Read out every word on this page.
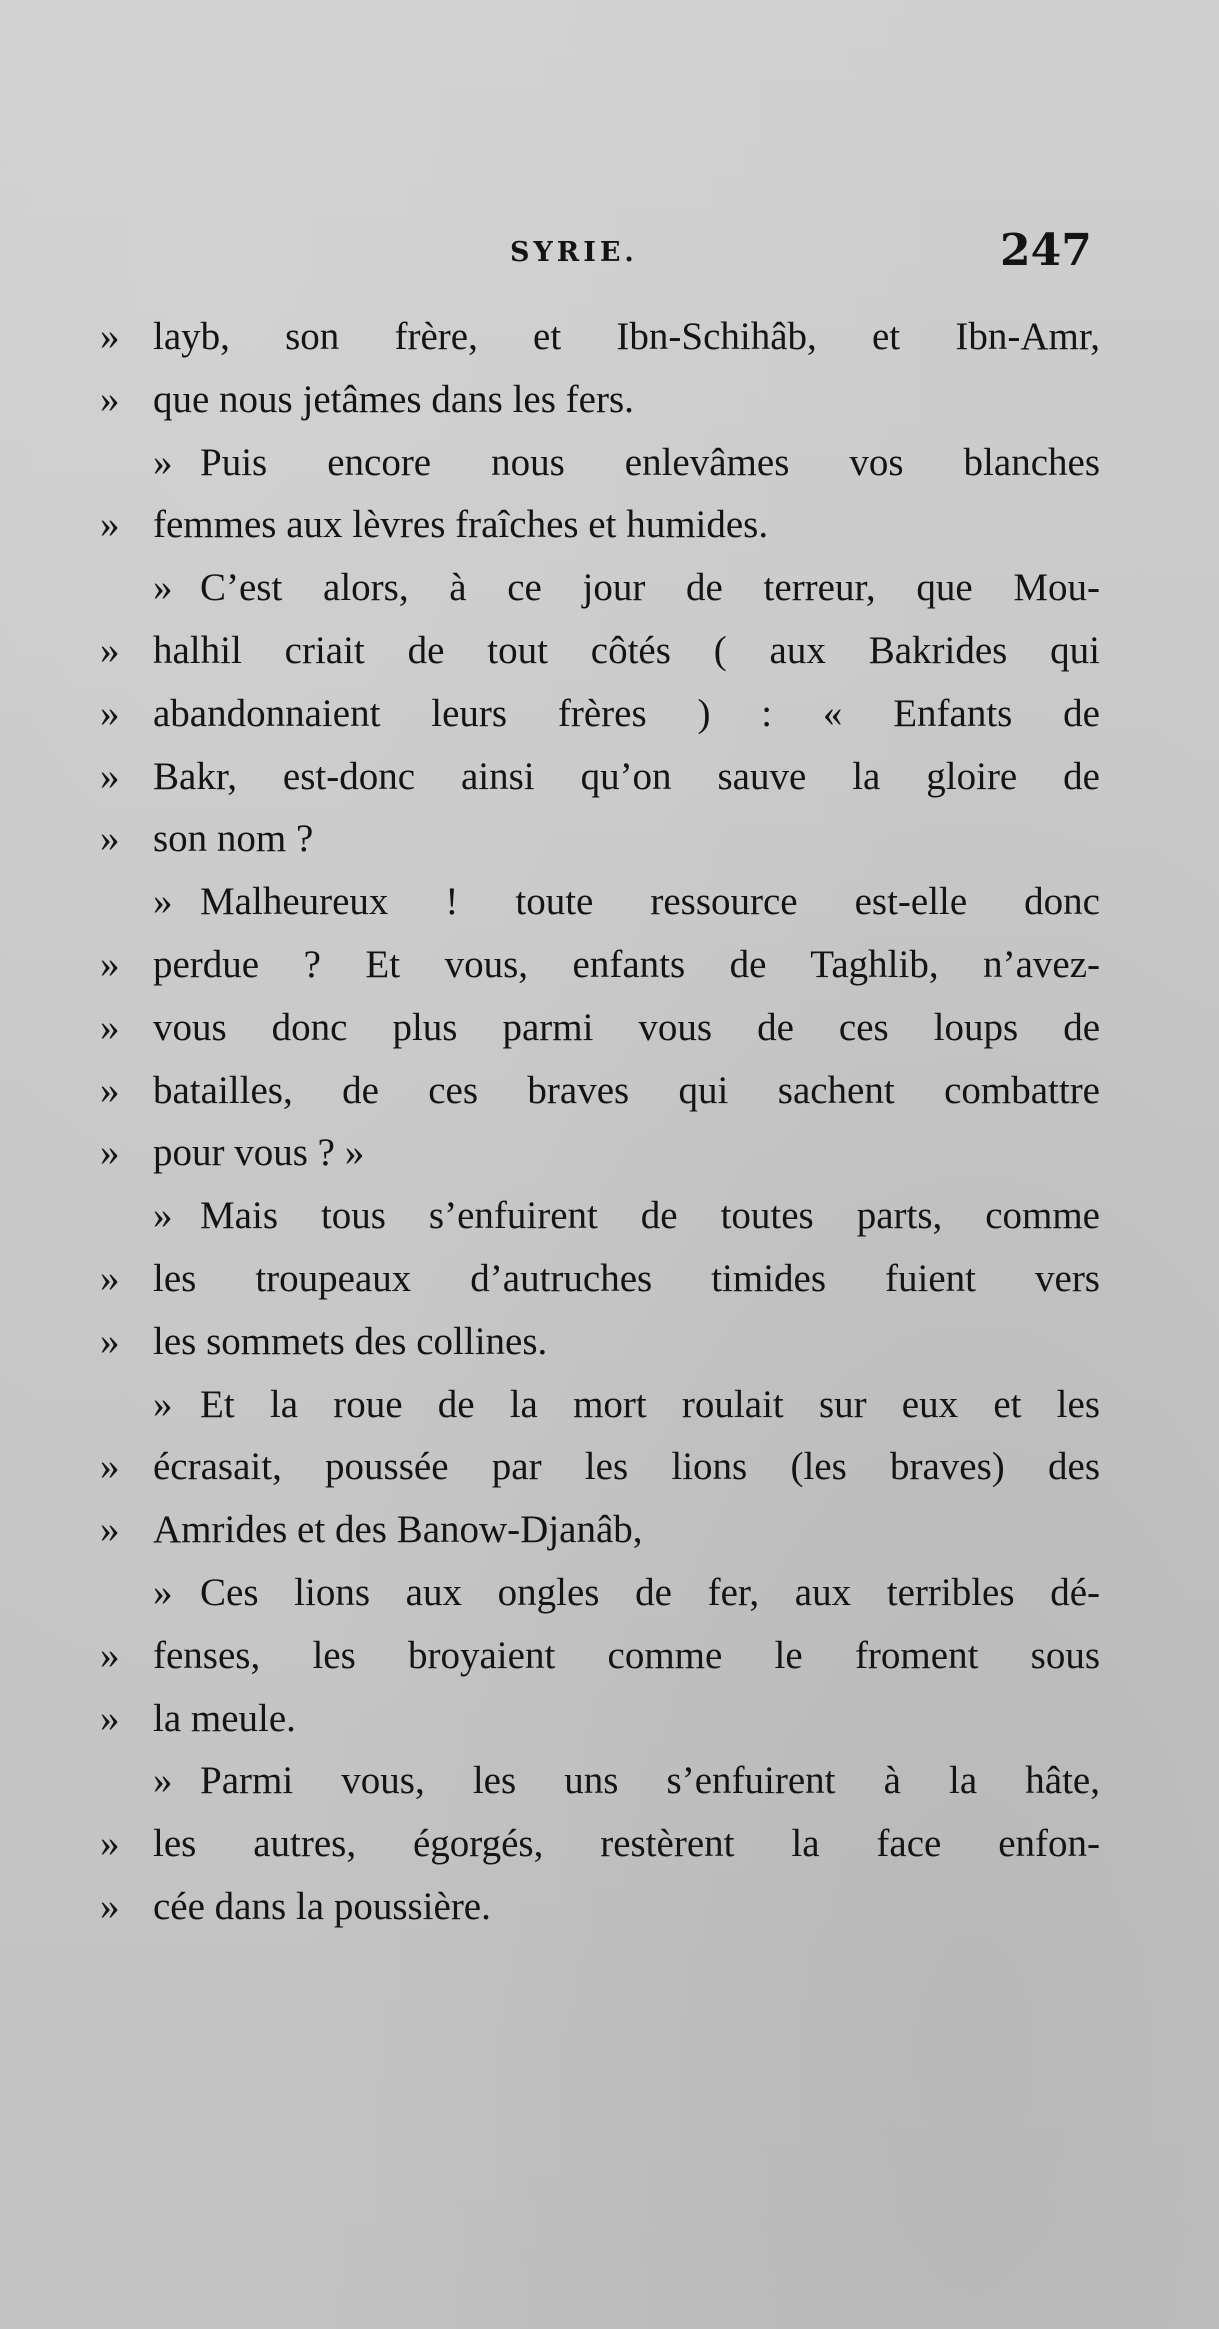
SYRIE.	247
» layb, son frère, et Ibn-Schihâb, et Ibn-Amr,
» que nous jetâmes dans les fers.
» Puis encore nous enlevâmes vos blanches
» femmes aux lèvres fraîches et humides.
» C’est alors, à ce jour de terreur, que Mou-
» halhil criait de tout côtés ( aux Bakrides qui
» abandonnaient leurs frères ) : « Enfants de
» Bakr, est-donc ainsi qu’on sauve la gloire de
» son nom ?
» Malheureux ! toute ressource est-elle donc
» perdue ? Et vous, enfants de Taghlib, n’avez-
» vous donc plus parmi vous de ces loups de
» batailles, de ces braves qui sachent combattre
» pour vous ? »
» Mais tous s’enfuirent de toutes parts, comme
» les troupeaux d’autruches timides fuient vers
» les sommets des collines.
» Et la roue de la mort roulait sur eux et les
» écrasait, poussée par les lions (les braves) des
» Amrides et des Banow-Djanâb,
» Ces lions aux ongles de fer, aux terribles dé-
» fenses, les broyaient comme le froment sous
» la meule.
» Parmi vous, les uns s’enfuirent à la hâte,
» les autres, égorgés, restèrent la face enfon-
» cée dans la poussière.
